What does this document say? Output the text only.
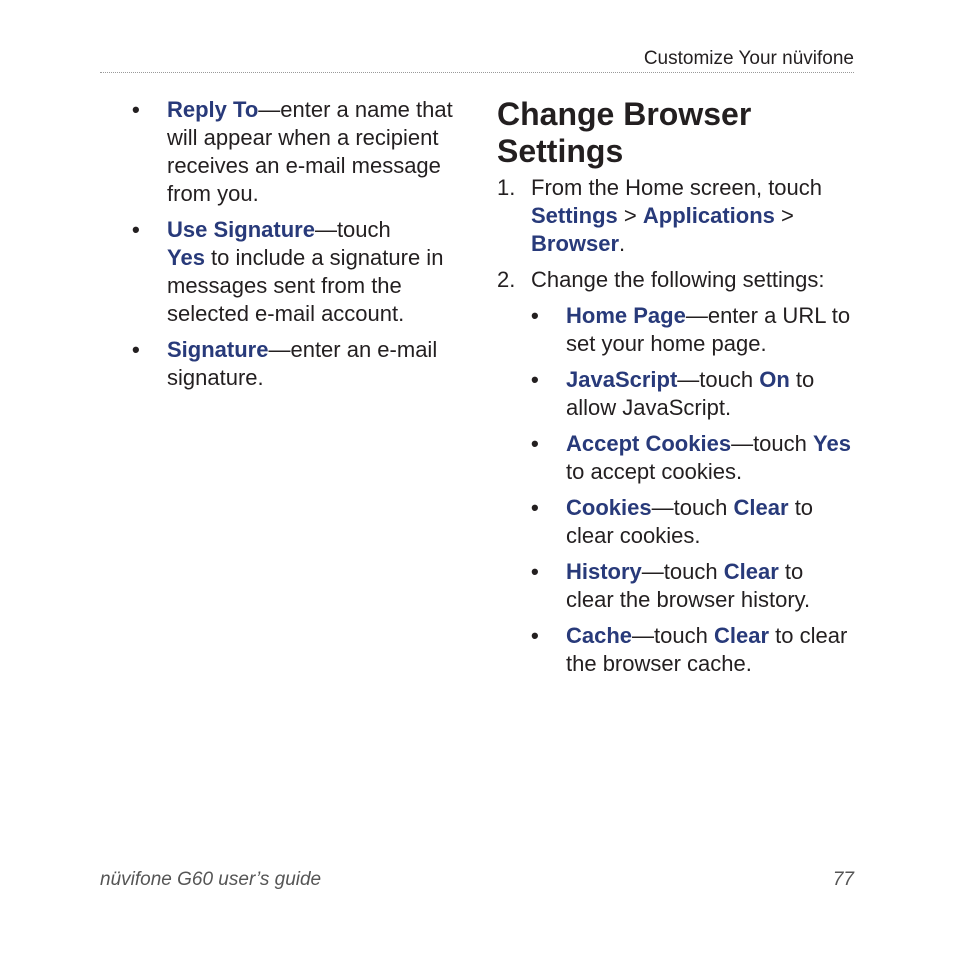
Customize Your nüvifone
•	Reply To—enter a name that will appear when a recipient receives an e-mail message from you.
•	Use Signature—touch
Yes to include a signature in messages sent from the selected e-mail account.
•	Signature—enter an e-mail signature.
Change Browser Settings
1. From the Home screen, touch Settings > Applications > Browser.
2. Change the following settings:
•	Home Page—enter a URL to set your home page.
•	JavaScript—touch On to allow JavaScript.
•	Accept Cookies—touch Yes to accept cookies.
•	Cookies—touch Clear to clear cookies.
•	History—touch Clear to clear the browser history.
•	Cache—touch Clear to clear the browser cache.
nüvifone G60 user’s guide	77
